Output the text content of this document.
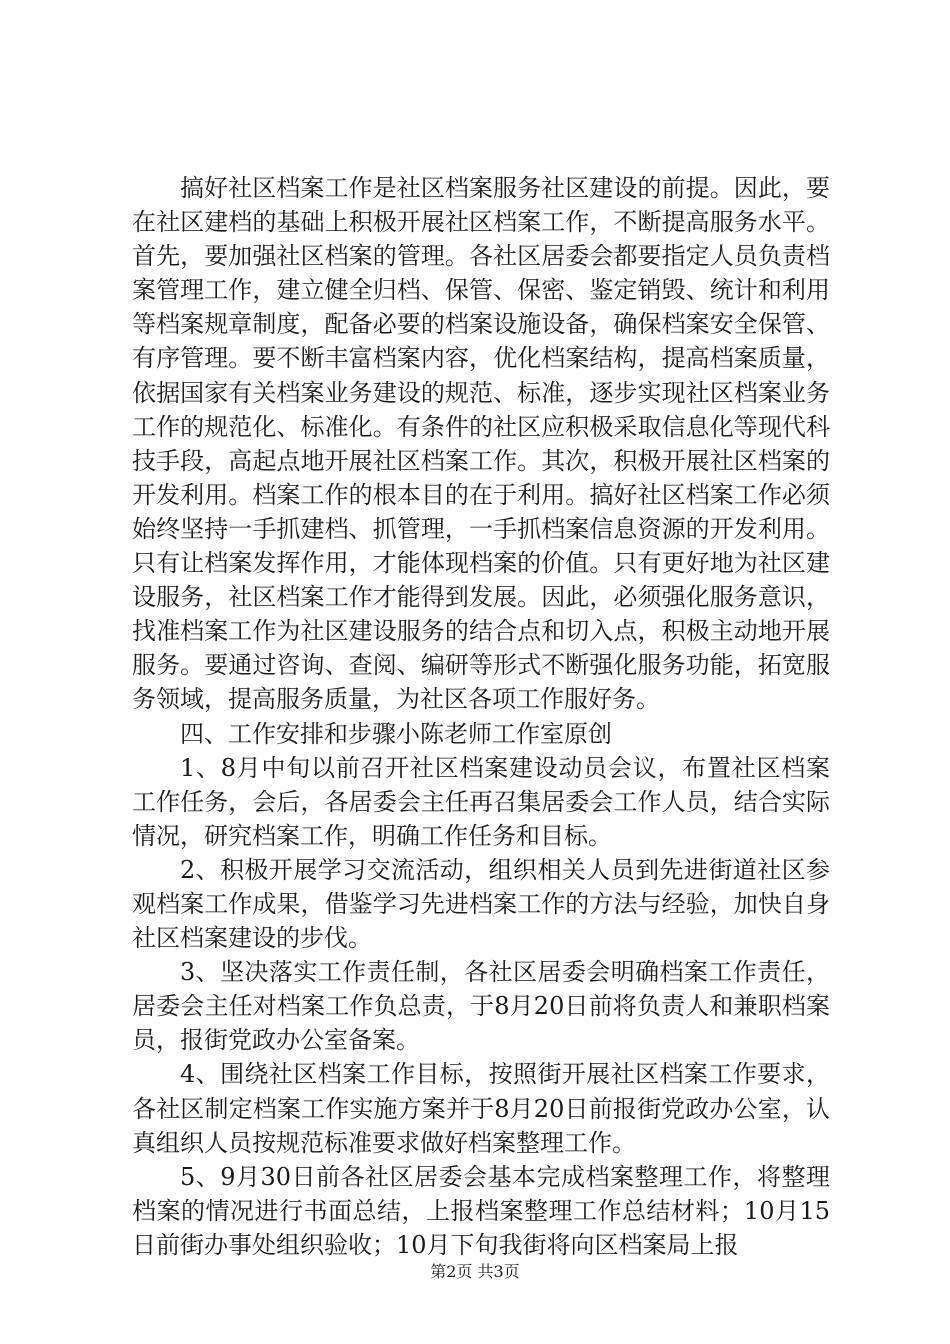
搞好社区档案工作是社区档案服务社区建设的前提。因此，要在社区建档的基础上积极开展社区档案工作，不断提高服务水平。首先，要加强社区档案的管理。各社区居委会都要指定人员负责档案管理工作，建立健全归档、保管、保密、鉴定销毁、统计和利用等档案规章制度，配备必要的档案设施设备，确保档案安全保管、有序管理。要不断丰富档案内容，优化档案结构，提高档案质量，依据国家有关档案业务建设的规范、标准，逐步实现社区档案业务工作的规范化、标准化。有条件的社区应积极采取信息化等现代科技手段，高起点地开展社区档案工作。其次，积极开展社区档案的开发利用。档案工作的根本目的在于利用。搞好社区档案工作必须始终坚持一手抓建档、抓管理，一手抓档案信息资源的开发利用。只有让档案发挥作用，才能体现档案的价值。只有更好地为社区建设服务，社区档案工作才能得到发展。因此，必须强化服务意识，找准档案工作为社区建设服务的结合点和切入点，积极主动地开展服务。要通过咨询、查阅、编研等形式不断强化服务功能，拓宽服务领域，提高服务质量，为社区各项工作服好务。

四、工作安排和步骤小陈老师工作室原创

1、8月中旬以前召开社区档案建设动员会议，布置社区档案工作任务，会后，各居委会主任再召集居委会工作人员，结合实际情况，研究档案工作，明确工作任务和目标。

2、积极开展学习交流活动，组织相关人员到先进街道社区参观档案工作成果，借鉴学习先进档案工作的方法与经验，加快自身社区档案建设的步伐。

3、坚决落实工作责任制，各社区居委会明确档案工作责任，居委会主任对档案工作负总责，于8月20日前将负责人和兼职档案员，报街党政办公室备案。

4、围绕社区档案工作目标，按照街开展社区档案工作要求，各社区制定档案工作实施方案并于8月20日前报街党政办公室，认真组织人员按规范标准要求做好档案整理工作。

5、9月30日前各社区居委会基本完成档案整理工作，将整理档案的情况进行书面总结，上报档案整理工作总结材料；10月15日前街办事处组织验收；10月下旬我街将向区档案局上报

第2页 共3页
